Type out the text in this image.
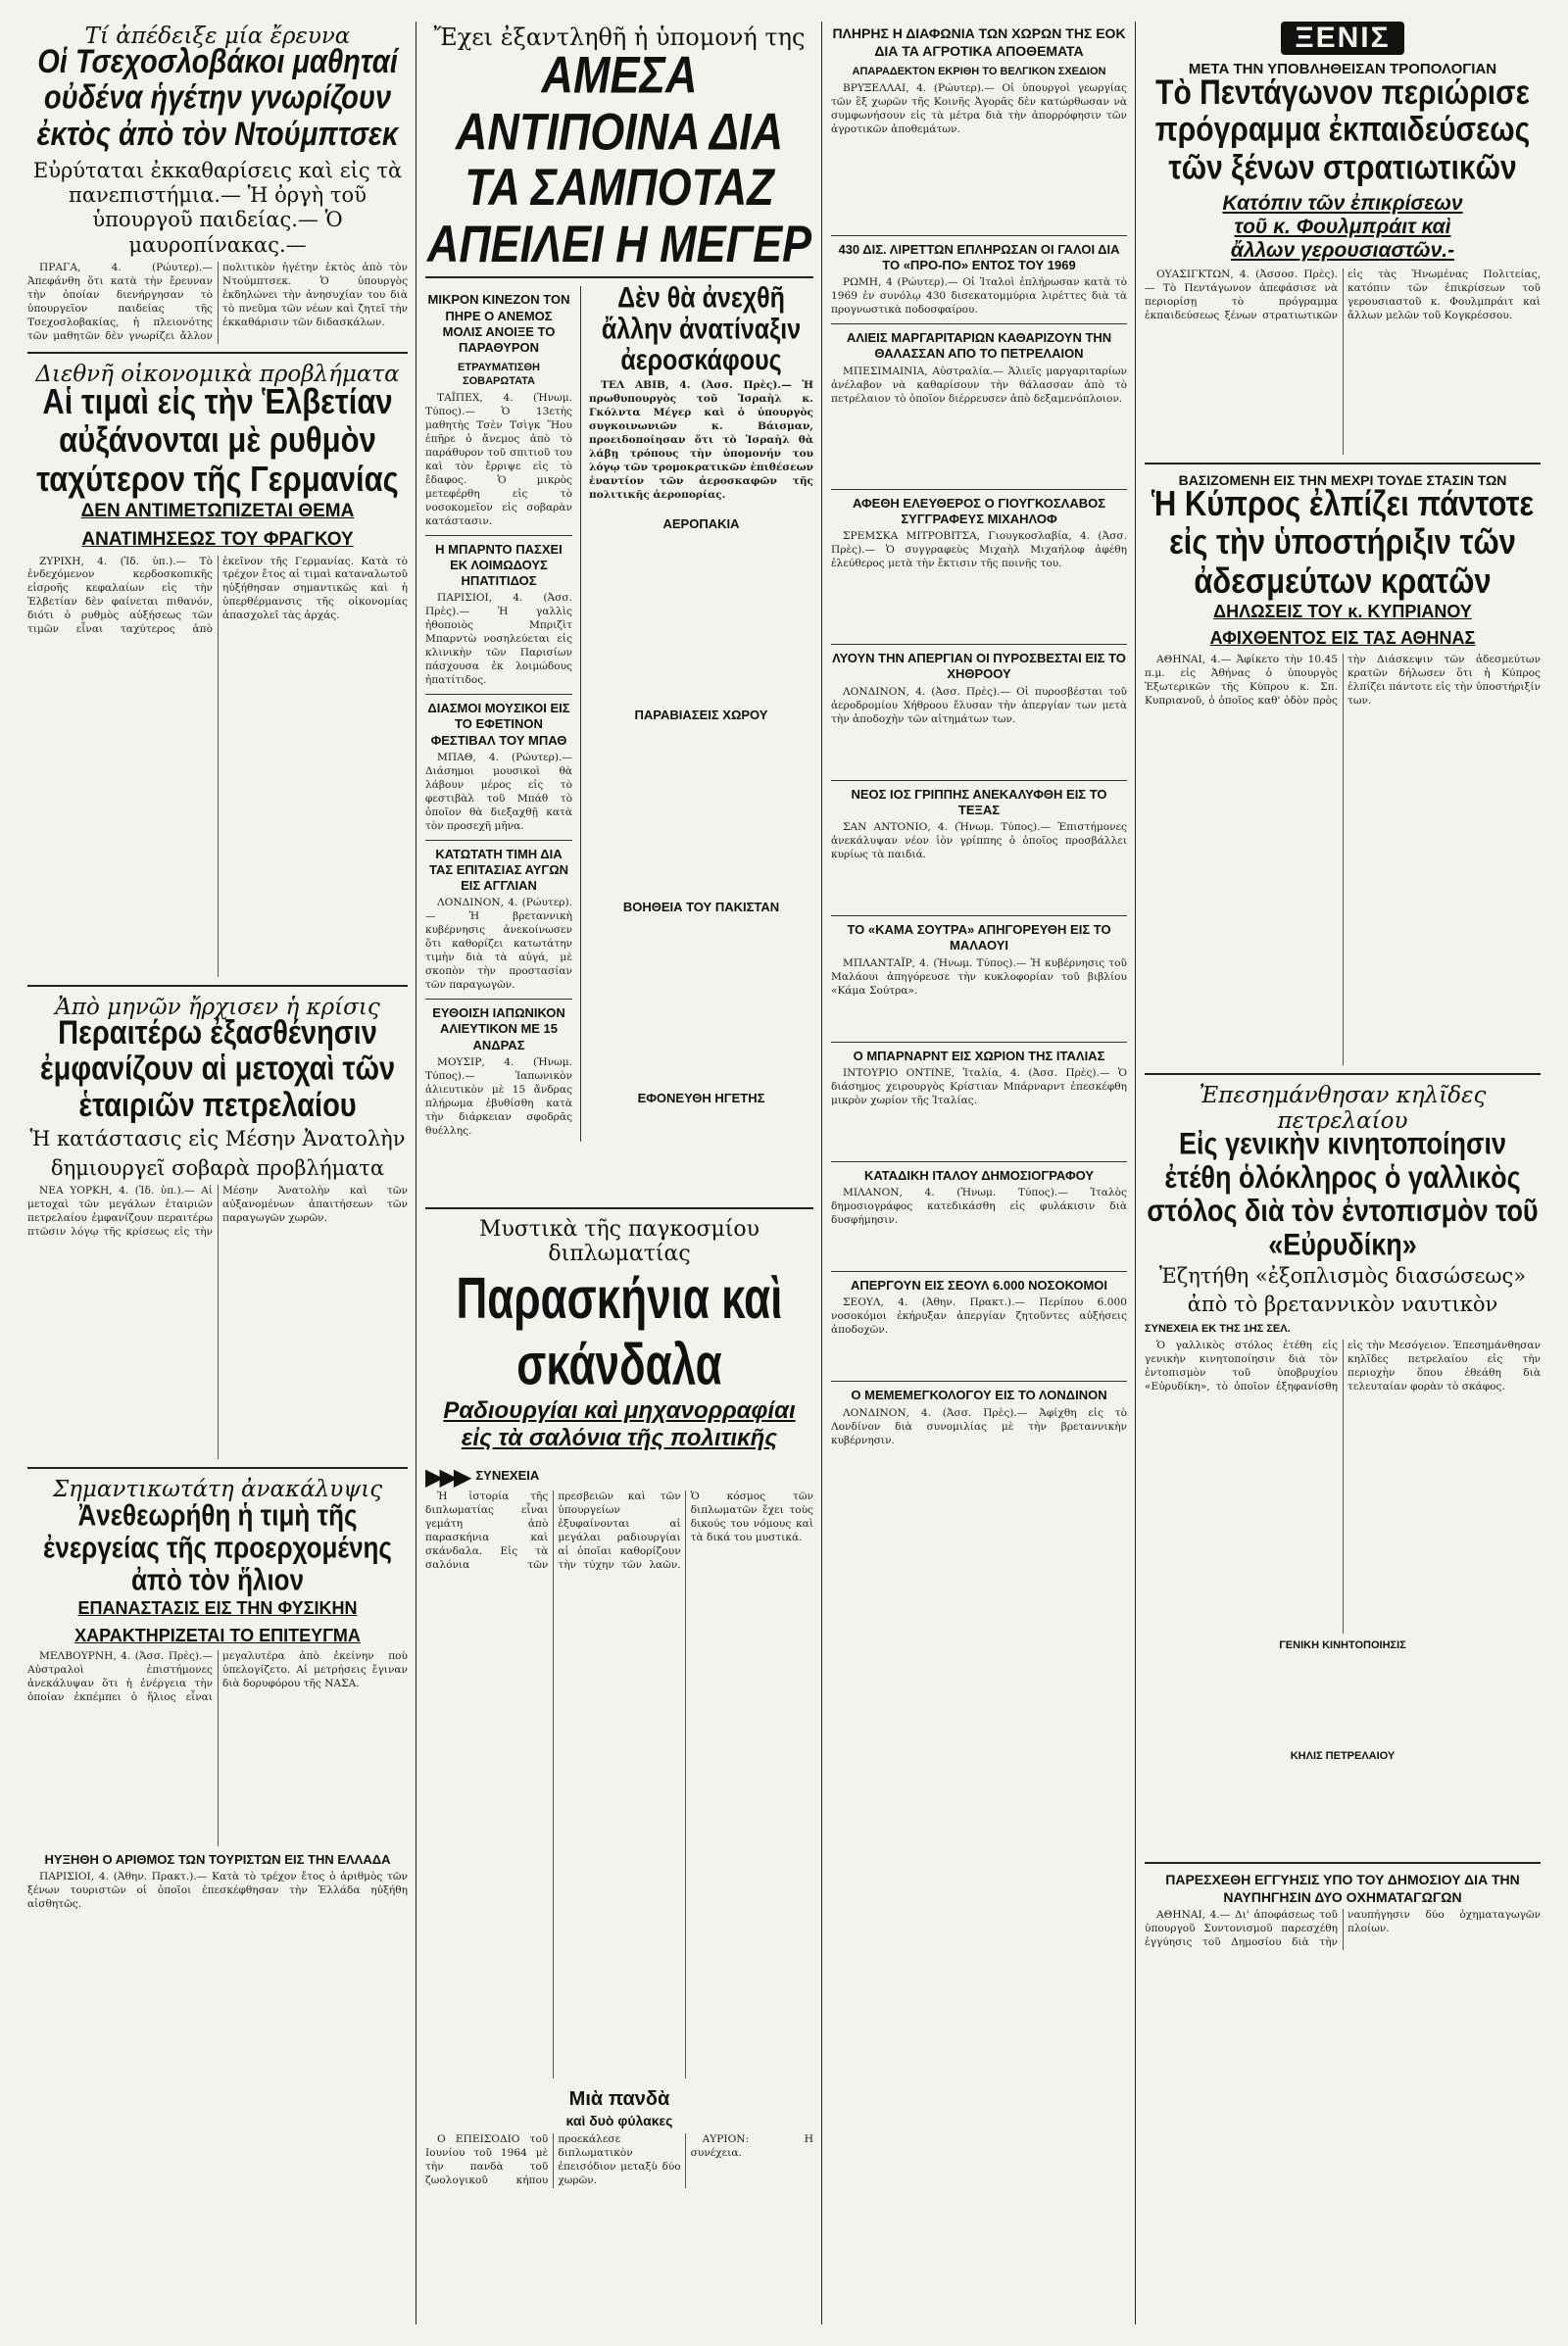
Τί ἀπέδειξε μία ἔρευνα
Οἱ Τσεχοσλοβάκοι μαθηταί οὐδένα ἡγέτην γνωρίζουν ἐκτὸς ἀπὸ τὸν Ντούμπτσεκ
Εὐρύταται ἐκκαθαρίσεις καὶ εἰς τὰ πανεπιστήμια.— Ἡ ὀργὴ τοῦ ὑπουργοῦ παιδείας.— Ὁ μαυροπίνακας.—

ΠΡΑΓΑ, 4. (Ρώυτερ).— Ἀπεφάνθη ὅτι κατὰ τὴν ἔρευναν τὴν ὁποίαν διενήργησαν τὸ ὑπουργεῖον παιδείας τῆς Τσεχοσλοβακίας, ἡ πλειονότης τῶν μαθητῶν δὲν γνωρίζει ἄλλον πολιτικὸν ἡγέτην ἐκτὸς ἀπὸ τὸν Ντούμπτσεκ. Ὁ ὑπουργὸς ἐκδηλώνει τὴν ἀνησυχίαν του διὰ τὸ πνεῦμα τῶν νέων καὶ ζητεῖ τὴν ἐκκαθάρισιν τῶν διδασκάλων.

Διεθνῆ οἰκονομικὰ προβλήματα
Αἱ τιμαὶ εἰς τὴν Ἑλβετίαν αὐξάνονται μὲ ρυθμὸν ταχύτερον τῆς Γερμανίας
ΔΕΝ ΑΝΤΙΜΕΤΩΠΙΖΕΤΑΙ ΘΕΜΑ
ΑΝΑΤΙΜΗΣΕΩΣ ΤΟΥ ΦΡΑΓΚΟΥ

ΖΥΡΙΧΗ, 4. (Ἰδ. ὑπ.).— Τὸ ἐνδεχόμενον κερδοσκοπικῆς εἰσροῆς κεφαλαίων εἰς τὴν Ἑλβετίαν δὲν φαίνεται πιθανόν, διότι ὁ ρυθμὸς αὐξήσεως τῶν τιμῶν εἶναι ταχύτερος ἀπὸ ἐκεῖνον τῆς Γερμανίας. Κατὰ τὸ τρέχον ἔτος αἱ τιμαὶ καταναλωτοῦ ηὐξήθησαν σημαντικῶς καὶ ἡ ὑπερθέρμανσις τῆς οἰκονομίας ἀπασχολεῖ τὰς ἀρχάς.

Ἀπὸ μηνῶν ἤρχισεν ἡ κρίσις
Περαιτέρω ἐξασθένησιν ἐμφανίζουν αἱ μετοχαὶ τῶν ἑταιριῶν πετρελαίου
Ἡ κατάστασις εἰς Μέσην Ἀνατολὴν
δημιουργεῖ σοβαρὰ προβλήματα

ΝΕΑ ΥΟΡΚΗ, 4. (Ἰδ. ὑπ.).— Αἱ μετοχαὶ τῶν μεγάλων ἑταιριῶν πετρελαίου ἐμφανίζουν περαιτέρω πτῶσιν λόγῳ τῆς κρίσεως εἰς τὴν Μέσην Ἀνατολὴν καὶ τῶν αὐξανομένων ἀπαιτήσεων τῶν παραγωγῶν χωρῶν.

Σημαντικωτάτη ἀνακάλυψις
Ἀνεθεωρήθη ἡ τιμὴ τῆς ἐνεργείας τῆς προερχομένης ἀπὸ τὸν ἥλιον
ΕΠΑΝΑΣΤΑΣΙΣ ΕΙΣ ΤΗΝ ΦΥΣΙΚΗΝ
ΧΑΡΑΚΤΗΡΙΖΕΤΑΙ ΤΟ ΕΠΙΤΕΥΓΜΑ

ΜΕΛΒΟΥΡΝΗ, 4. (Ἀσσ. Πρὲς).— Αὐστραλοὶ ἐπιστήμονες ἀνεκάλυψαν ὅτι ἡ ἐνέργεια τὴν ὁποίαν ἐκπέμπει ὁ ἥλιος εἶναι μεγαλυτέρα ἀπὸ ἐκείνην ποὺ ὑπελογίζετο. Αἱ μετρήσεις ἔγιναν διὰ δορυφόρου τῆς ΝΑΣΑ.

ΗΥΞΗΘΗ Ο ΑΡΙΘΜΟΣ ΤΩΝ ΤΟΥΡΙΣΤΩΝ ΕΙΣ ΤΗΝ ΕΛΛΑΔΑ

ΠΑΡΙΣΙΟΙ, 4. (Ἀθην. Πρακτ.).— Κατὰ τὸ τρέχον ἔτος ὁ ἀριθμὸς τῶν ξένων τουριστῶν οἱ ὁποῖοι ἐπεσκέφθησαν τὴν Ἑλλάδα ηὐξήθη αἰσθητῶς.

Ἔχει ἐξαντληθῆ ἡ ὑπομονή της
ΑΜΕΣΑ ΑΝΤΙΠΟΙΝΑ ΔΙΑ ΤΑ ΣΑΜΠΟΤΑΖ ΑΠΕΙΛΕΙ Η ΜΕΓΕΡ
ΜΙΚΡΟΝ ΚΙΝΕΖΟΝ ΤΟΝ ΠΗΡΕ Ο ΑΝΕΜΟΣ ΜΟΛΙΣ ΑΝΟΙΞΕ ΤΟ ΠΑΡΑΘΥΡΟΝ
ΕΤΡΑΥΜΑΤΙΣΘΗ ΣΟΒΑΡΩΤΑΤΑ

ΤΑΪΠΕΧ, 4. (Ἡνωμ. Τύπος).— Ὁ 13ετὴς μαθητὴς Τσὲν Τσὶγκ Ἥου ἐπῆρε ὁ ἄνεμος ἀπὸ τὸ παράθυρον τοῦ σπιτιοῦ του καὶ τὸν ἔρριψε εἰς τὸ ἔδαφος. Ὁ μικρὸς μετεφέρθη εἰς τὸ νοσοκομεῖον εἰς σοβαρὰν κατάστασιν.

Η ΜΠΑΡΝΤΟ ΠΑΣΧΕΙ ΕΚ ΛΟΙΜΩΔΟΥΣ ΗΠΑΤΙΤΙΔΟΣ

ΠΑΡΙΣΙΟΙ, 4. (Ἀσσ. Πρὲς).— Ἡ γαλλὶς ἠθοποιὸς Μπριζὶτ Μπαρντὼ νοσηλεύεται εἰς κλινικὴν τῶν Παρισίων πάσχουσα ἐκ λοιμώδους ἠπατίτιδος.

ΔΙΑΣΜΟΙ ΜΟΥΣΙΚΟΙ ΕΙΣ ΤΟ ΕΦΕΤΙΝΟΝ ΦΕΣΤΙΒΑΛ ΤΟΥ ΜΠΑΘ

ΜΠΑΘ, 4. (Ρώυτερ).— Διάσημοι μουσικοὶ θὰ λάβουν μέρος εἰς τὸ φεστιβὰλ τοῦ Μπάθ τὸ ὁποῖον θὰ διεξαχθῇ κατὰ τὸν προσεχῆ μῆνα.

ΚΑΤΩΤΑΤΗ ΤΙΜΗ ΔΙΑ ΤΑΣ ΕΠΙΤΑΣΙΑΣ ΑΥΓΩΝ ΕΙΣ ΑΓΓΛΙΑΝ

ΛΟΝΔΙΝΟΝ, 4. (Ρώυτερ).— Ἡ βρεταννικὴ κυβέρνησις ἀνεκοίνωσεν ὅτι καθορίζει κατωτάτην τιμὴν διὰ τὰ αὐγά, μὲ σκοπὸν τὴν προστασίαν τῶν παραγωγῶν.

ΕΥΘΟΙΣΗ ΙΑΠΩΝΙΚΟΝ ΑΛΙΕΥΤΙΚΟΝ ΜΕ 15 ΑΝΔΡΑΣ

ΜΟΥΣΙΡ, 4. (Ἡνωμ. Τύπος).— Ἰαπωνικὸν ἁλιευτικὸν μὲ 15 ἄνδρας πλήρωμα ἐβυθίσθη κατὰ τὴν διάρκειαν σφοδρᾶς θυέλλης.

Δὲν θὰ ἀνεχθῆ ἄλλην ἀνατίναξιν ἀεροσκάφους

ΤΕΛ ΑΒΙΒ, 4. (Ἀσσ. Πρὲς).— Ἡ πρωθυπουργὸς τοῦ Ἰσραὴλ κ. Γκόλντα Μέγερ καὶ ὁ ὑπουργὸς συγκοινωνιῶν κ. Βάισμαν, προειδοποίησαν ὅτι τὸ Ἰσραὴλ θὰ λάβῃ τρόπους τὴν ὑπομονήν του λόγῳ τῶν τρομοκρατικῶν ἐπιθέσεων ἐναντίον τῶν ἀεροσκαφῶν τῆς πολιτικῆς ἀεροπορίας.

ΑΕΡΟΠΑΚΙΑ
ΠΑΡΑΒΙΑΣΕΙΣ ΧΩΡΟΥ
ΒΟΗΘΕΙΑ ΤΟΥ ΠΑΚΙΣΤΑΝ
ΕΦΟΝΕΥΘΗ ΗΓΕΤΗΣ
Μυστικὰ τῆς παγκοσμίου διπλωματίας
Παρασκήνια καὶ σκάνδαλα
Ραδιουργίαι καὶ μηχανορραφίαι
εἰς τὰ σαλόνια τῆς πολιτικῆς
▶▶▶ ΣΥΝΕΧΕΙΑ

Ἡ ἱστορία τῆς διπλωματίας εἶναι γεμάτη ἀπὸ παρασκήνια καὶ σκάνδαλα. Εἰς τὰ σαλόνια τῶν πρεσβειῶν καὶ τῶν ὑπουργείων ἐξυφαίνονται αἱ μεγάλαι ραδιουργίαι αἱ ὁποῖαι καθορίζουν τὴν τύχην τῶν λαῶν. Ὁ κόσμος τῶν διπλωματῶν ἔχει τοὺς δικούς του νόμους καὶ τὰ δικά του μυστικά.

Μιὰ πανδὰ
καὶ δυὸ φύλακες

Ο ΕΠΕΙΣΟΔΙΟ τοῦ Ιουνίου τοῦ 1964 μὲ τὴν πανδὰ τοῦ ζωολογικοῦ κήπου προεκάλεσε διπλωματικὸν ἐπεισόδιον μεταξὺ δύο χωρῶν.

ΑΥΡΙΟΝ: Η συνέχεια.

ΠΛΗΡΗΣ Η ΔΙΑΦΩΝΙΑ ΤΩΝ ΧΩΡΩΝ ΤΗΣ ΕΟΚ ΔΙΑ ΤΑ ΑΓΡΟΤΙΚΑ ΑΠΟΘΕΜΑΤΑ
ΑΠΑΡΑΔΕΚΤΟΝ ΕΚΡΙΘΗ ΤΟ ΒΕΛΓΙΚΟΝ ΣΧΕΔΙΟΝ

ΒΡΥΞΕΛΛΑΙ, 4. (Ρώυτερ).— Οἱ ὑπουργοὶ γεωργίας τῶν ἓξ χωρῶν τῆς Κοινῆς Ἀγορᾶς δὲν κατώρθωσαν νὰ συμφωνήσουν εἰς τὰ μέτρα διὰ τὴν ἀπορρόφησιν τῶν ἀγροτικῶν ἀποθεμάτων.

430 ΔΙΣ. ΛΙΡΕΤΤΩΝ ΕΠΛΗΡΩΣΑΝ ΟΙ ΓΑΛΟΙ ΔΙΑ ΤΟ «ΠΡΟ-ΠΟ» ΕΝΤΟΣ ΤΟΥ 1969

ΡΩΜΗ, 4 (Ρώυτερ).— Οἱ Ἰταλοὶ ἐπλήρωσαν κατὰ τὸ 1969 ἐν συνόλῳ 430 δισεκατομμύρια λιρέττες διὰ τὰ προγνωστικὰ ποδοσφαίρου.

ΑΛΙΕΙΣ ΜΑΡΓΑΡΙΤΑΡΙΩΝ ΚΑΘΑΡΙΖΟΥΝ ΤΗΝ ΘΑΛΑΣΣΑΝ ΑΠΟ ΤΟ ΠΕΤΡΕΛΑΙΟΝ

ΜΠΕΣΙΜΑΙΝΙΑ, Αὐστραλία.— Ἁλιεῖς μαργαριταρίων ἀνέλαβον νὰ καθαρίσουν τὴν θάλασσαν ἀπὸ τὸ πετρέλαιον τὸ ὁποῖον διέρρευσεν ἀπὸ δεξαμενόπλοιον.

ΑΦΕΘΗ ΕΛΕΥΘΕΡΟΣ Ο ΓΙΟΥΓΚΟΣΛΑΒΟΣ ΣΥΓΓΡΑΦΕΥΣ ΜΙΧΑΗΛΟΦ

ΣΡΕΜΣΚΑ ΜΙΤΡΟΒΙΤΣΑ, Γιουγκοσλαβία, 4. (Ἀσσ. Πρὲς).— Ὁ συγγραφεὺς Μιχαὴλ Μιχαήλοφ ἀφέθη ἐλεύθερος μετὰ τὴν ἔκτισιν τῆς ποινῆς του.

ΛΥΟΥΝ ΤΗΝ ΑΠΕΡΓΙΑΝ ΟΙ ΠΥΡΟΣΒΕΣΤΑΙ ΕΙΣ ΤΟ ΧΗΘΡΟΟΥ

ΛΟΝΔΙΝΟΝ, 4. (Ἀσσ. Πρὲς).— Οἱ πυροσβέσται τοῦ ἀεροδρομίου Χήθροου ἔλυσαν τὴν ἀπεργίαν των μετὰ τὴν ἀποδοχὴν τῶν αἰτημάτων των.

ΝΕΟΣ ΙΟΣ ΓΡΙΠΠΗΣ ΑΝΕΚΑΛΥΦΘΗ ΕΙΣ ΤΟ ΤΕΞΑΣ

ΣΑΝ ΑΝΤΟΝΙΟ, 4. (Ἡνωμ. Τύπος).— Ἐπιστήμονες ἀνεκάλυψαν νέον ἰὸν γρίππης ὁ ὁποῖος προσβάλλει κυρίως τὰ παιδιά.

ΤΟ «ΚΑΜΑ ΣΟΥΤΡΑ» ΑΠΗΓΟΡΕΥΘΗ ΕΙΣ ΤΟ ΜΑΛΑΟΥΙ

ΜΠΛΑΝΤΑΪΡ, 4. (Ἡνωμ. Τύπος).— Ἡ κυβέρνησις τοῦ Μαλάουι ἀπηγόρευσε τὴν κυκλοφορίαν τοῦ βιβλίου «Κάμα Σούτρα».

Ο ΜΠΑΡΝΑΡΝΤ ΕΙΣ ΧΩΡΙΟΝ ΤΗΣ ΙΤΑΛΙΑΣ

ΙΝΤΟΥΡΙΟ ΟΝΤΙΝΕ, Ἰταλία, 4. (Ἀσσ. Πρὲς).— Ὁ διάσημος χειρουργὸς Κρίστιαν Μπάρναρντ ἐπεσκέφθη μικρὸν χωρίον τῆς Ἰταλίας.

ΚΑΤΑΔΙΚΗ ΙΤΑΛΟΥ ΔΗΜΟΣΙΟΓΡΑΦΟΥ

ΜΙΛΑΝΟΝ, 4. (Ἡνωμ. Τύπος).— Ἰταλὸς δημοσιογράφος κατεδικάσθη εἰς φυλάκισιν διὰ δυσφήμησιν.

ΑΠΕΡΓΟΥΝ ΕΙΣ ΣΕΟΥΛ 6.000 ΝΟΣΟΚΟΜΟΙ

ΣΕΟΥΛ, 4. (Ἀθην. Πρακτ.).— Περίπου 6.000 νοσοκόμοι ἐκήρυξαν ἀπεργίαν ζητοῦντες αὐξήσεις ἀποδοχῶν.

Ο ΜΕΜΕΜΕΓΚΟΛΟΓΟΥ ΕΙΣ ΤΟ ΛΟΝΔΙΝΟΝ

ΛΟΝΔΙΝΟΝ, 4. (Ἀσσ. Πρὲς).— Ἀφίχθη εἰς τὸ Λονδίνον διὰ συνομιλίας μὲ τὴν βρεταννικὴν κυβέρνησιν.

ΞΕΝΙΣ
ΜΕΤΑ ΤΗΝ ΥΠΟΒΛΗΘΕΙΣΑΝ ΤΡΟΠΟΛΟΓΙΑΝ
Τὸ Πεντάγωνον περιώρισε πρόγραμμα ἐκπαιδεύσεως τῶν ξένων στρατιωτικῶν
Κατόπιν τῶν ἐπικρίσεων
τοῦ κ. Φουλμπράιτ καὶ
ἄλλων γερουσιαστῶν.-

ΟΥΑΣΙΓΚΤΩΝ, 4. (Ἀσσοσ. Πρὲς).— Τὸ Πεντάγωνον ἀπεφάσισε νὰ περιορίσῃ τὸ πρόγραμμα ἐκπαιδεύσεως ξένων στρατιωτικῶν εἰς τὰς Ἡνωμένας Πολιτείας, κατόπιν τῶν ἐπικρίσεων τοῦ γερουσιαστοῦ κ. Φουλμπράιτ καὶ ἄλλων μελῶν τοῦ Κογκρέσσου.

ΒΑΣΙΖΟΜΕΝΗ ΕΙΣ ΤΗΝ ΜΕΧΡΙ ΤΟΥΔΕ ΣΤΑΣΙΝ ΤΩΝ
Ἡ Κύπρος ἐλπίζει πάντοτε εἰς τὴν ὑποστήριξιν τῶν ἀδεσμεύτων κρατῶν
ΔΗΛΩΣΕΙΣ ΤΟΥ κ. ΚΥΠΡΙΑΝΟΥ
ΑΦΙΧΘΕΝΤΟΣ ΕΙΣ ΤΑΣ ΑΘΗΝΑΣ

ΑΘΗΝΑΙ, 4.— Ἀφίκετο τὴν 10.45 π.μ. εἰς Ἀθήνας ὁ ὑπουργὸς Ἐξωτερικῶν τῆς Κύπρου κ. Σπ. Κυπριανοῦ, ὁ ὁποῖος καθ' ὁδὸν πρὸς τὴν Διάσκεψιν τῶν ἀδεσμεύτων κρατῶν δήλωσεν ὅτι ἡ Κύπρος ἐλπίζει πάντοτε εἰς τὴν ὑποστήριξίν των.

Ἐπεσημάνθησαν κηλῖδες πετρελαίου
Εἰς γενικὴν κινητοποίησιν ἐτέθη ὁλόκληρος ὁ γαλλικὸς στόλος διὰ τὸν ἐντοπισμὸν τοῦ «Εὐρυδίκη»
Ἐζητήθη «ἐξοπλισμὸς διασώσεως»
ἀπὸ τὸ βρεταννικὸν ναυτικὸν
ΣΥΝΕΧΕΙΑ ΕΚ ΤΗΣ 1ΗΣ ΣΕΛ.

Ὁ γαλλικὸς στόλος ἐτέθη εἰς γενικὴν κινητοποίησιν διὰ τὸν ἐντοπισμὸν τοῦ ὑποβρυχίου «Εὐρυδίκη», τὸ ὁποῖον ἐξηφανίσθη εἰς τὴν Μεσόγειον. Ἐπεσημάνθησαν κηλῖδες πετρελαίου εἰς τὴν περιοχὴν ὅπου ἐθεάθη διὰ τελευταίαν φορὰν τὸ σκάφος.

ΓΕΝΙΚΗ ΚΙΝΗΤΟΠΟΙΗΣΙΣ
ΚΗΛΙΣ ΠΕΤΡΕΛΑΙΟΥ
ΠΑΡΕΣΧΕΘΗ ΕΓΓΥΗΣΙΣ ΥΠΟ ΤΟΥ ΔΗΜΟΣΙΟΥ ΔΙΑ ΤΗΝ ΝΑΥΠΗΓΗΣΙΝ ΔΥΟ ΟΧΗΜΑΤΑΓΩΓΩΝ

ΑΘΗΝΑΙ, 4.— Δι' ἀποφάσεως τοῦ ὑπουργοῦ Συντονισμοῦ παρεσχέθη ἐγγύησις τοῦ Δημοσίου διὰ τὴν ναυπήγησιν δύο ὀχηματαγωγῶν πλοίων.
